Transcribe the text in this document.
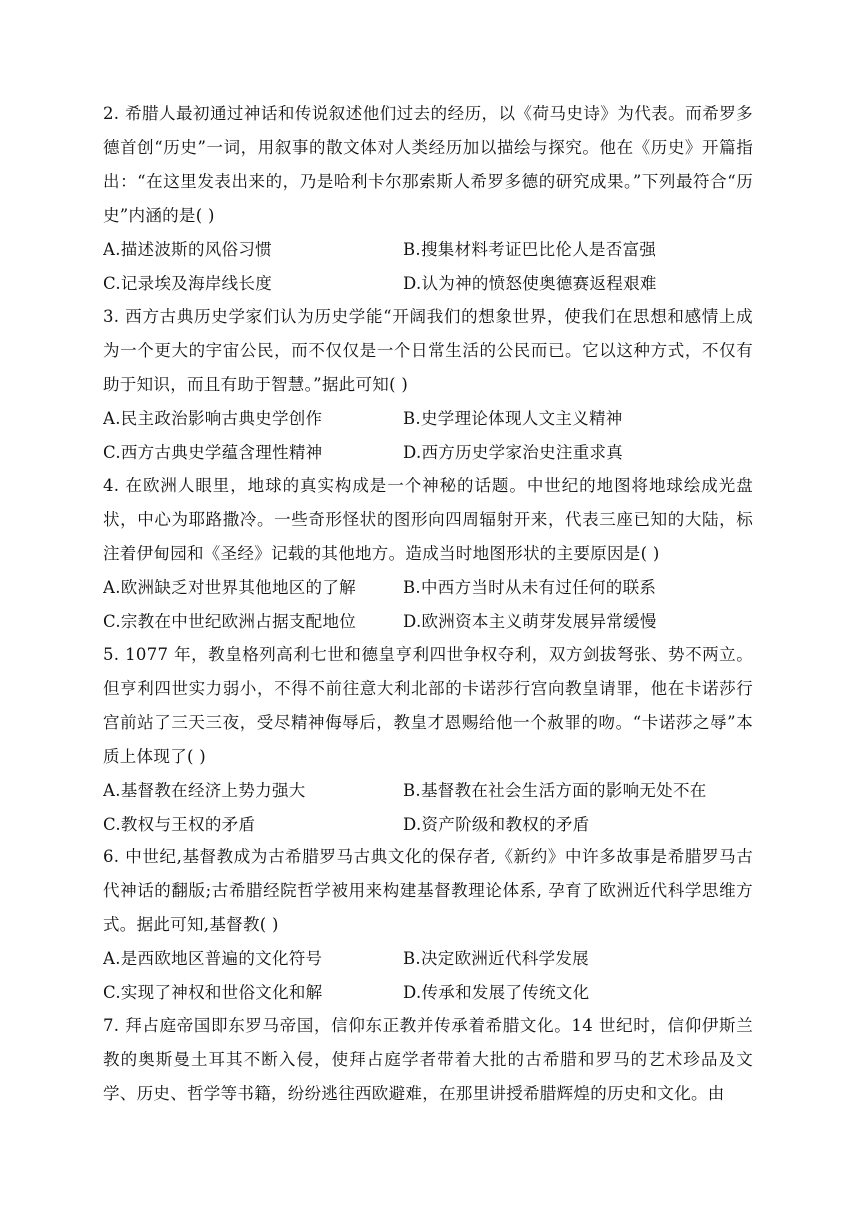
2. 希腊人最初通过神话和传说叙述他们过去的经历，以《荷马史诗》为代表。而希罗多德首创“历史”一词，用叙事的散文体对人类经历加以描绘与探究。他在《历史》开篇指出：“在这里发表出来的，乃是哈利卡尔那索斯人希罗多德的研究成果。”下列最符合“历史”内涵的是( )

A.描述波斯的风俗习惯	B.搜集材料考证巴比伦人是否富强
C.记录埃及海岸线长度	D.认为神的愤怒使奥德赛返程艰难

3. 西方古典历史学家们认为历史学能“开阔我们的想象世界，使我们在思想和感情上成为一个更大的宇宙公民，而不仅仅是一个日常生活的公民而已。它以这种方式，不仅有助于知识，而且有助于智慧。”据此可知( )

A.民主政治影响古典史学创作	B.史学理论体现人文主义精神
C.西方古典史学蕴含理性精神	D.西方历史学家治史注重求真

4. 在欧洲人眼里，地球的真实构成是一个神秘的话题。中世纪的地图将地球绘成光盘状，中心为耶路撒冷。一些奇形怪状的图形向四周辐射开来，代表三座已知的大陆，标注着伊甸园和《圣经》记载的其他地方。造成当时地图形状的主要原因是( )

A.欧洲缺乏对世界其他地区的了解	B.中西方当时从未有过任何的联系
C.宗教在中世纪欧洲占据支配地位	D.欧洲资本主义萌芽发展异常缓慢

5. 1077 年，教皇格列高利七世和德皇亨利四世争权夺利，双方剑拔弩张、势不两立。但亨利四世实力弱小，不得不前往意大利北部的卡诺莎行宫向教皇请罪，他在卡诺莎行宫前站了三天三夜，受尽精神侮辱后，教皇才恩赐给他一个赦罪的吻。“卡诺莎之辱”本质上体现了( )

A.基督教在经济上势力强大	B.基督教在社会生活方面的影响无处不在
C.教权与王权的矛盾	D.资产阶级和教权的矛盾

6. 中世纪,基督教成为古希腊罗马古典文化的保存者,《新约》中许多故事是希腊罗马古代神话的翻版;古希腊经院哲学被用来构建基督教理论体系, 孕育了欧洲近代科学思维方式。据此可知,基督教( )

A.是西欧地区普遍的文化符号	B.决定欧洲近代科学发展
C.实现了神权和世俗文化和解	D.传承和发展了传统文化

7. 拜占庭帝国即东罗马帝国，信仰东正教并传承着希腊文化。14 世纪时，信仰伊斯兰教的奥斯曼土耳其不断入侵，使拜占庭学者带着大批的古希腊和罗马的艺术珍品及文学、历史、哲学等书籍，纷纷逃往西欧避难，在那里讲授希腊辉煌的历史和文化。由
